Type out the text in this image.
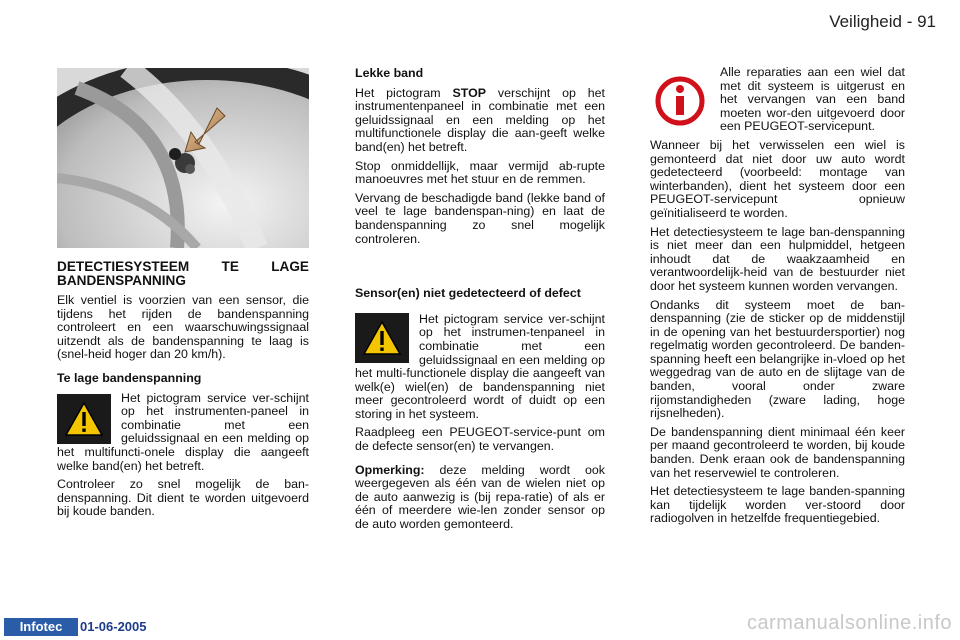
Veiligheid - 91
DETECTIESYSTEEM TE LAGE BANDENSPANNING

Elk ventiel is voorzien van een sensor, die tijdens het rijden de bandenspanning controleert en een waarschuwingssignaal uitzendt als de bandenspanning te laag is (snel-heid hoger dan 20 km/h).

Te lage bandenspanning

Het pictogram service ver-schijnt op het instrumenten-paneel in combinatie met een geluidssignaal en een melding op het multifuncti-onele display die aangeeft welke band(en) het betreft.

Controleer zo snel mogelijk de ban-denspanning. Dit dient te worden uitgevoerd bij koude banden.

Lekke band

Het pictogram STOP verschijnt op het instrumentenpaneel in combinatie met een geluidssignaal en een melding op het multifunctionele display die aan-geeft welke band(en) het betreft.

Stop onmiddellijk, maar vermijd ab-rupte manoeuvres met het stuur en de remmen.

Vervang de beschadigde band (lekke band of veel te lage bandenspan-ning) en laat de bandenspanning zo snel mogelijk controleren.

Sensor(en) niet gedetecteerd of defect

Het pictogram service ver-schijnt op het instrumen-tenpaneel in combinatie met een geluidssignaal en een melding op het multi-functionele display die aangeeft van welk(e) wiel(en) de bandenspanning niet meer gecontroleerd wordt of duidt op een storing in het systeem.

Raadpleeg een PEUGEOT-service-punt om de defecte sensor(en) te vervangen.

Opmerking: deze melding wordt ook weergegeven als één van de wielen niet op de auto aanwezig is (bij repa-ratie) of als er één of meerdere wie-len zonder sensor op de auto worden gemonteerd.

Alle reparaties aan een wiel dat met dit systeem is uitgerust en het vervangen van een band moeten wor-den uitgevoerd door een PEUGEOT-servicepunt.

Wanneer bij het verwisselen een wiel is gemonteerd dat niet door uw auto wordt gedetecteerd (voorbeeld: montage van winterbanden), dient het systeem door een PEUGEOT-servicepunt opnieuw geïnitialiseerd te worden.

Het detectiesysteem te lage ban-denspanning is niet meer dan een hulpmiddel, hetgeen inhoudt dat de waakzaamheid en verantwoordelijk-heid van de bestuurder niet door het systeem kunnen worden vervangen.

Ondanks dit systeem moet de ban-denspanning (zie de sticker op de middenstijl in de opening van het bestuurdersportier) nog regelmatig worden gecontroleerd. De banden-spanning heeft een belangrijke in-vloed op het weggedrag van de auto en de slijtage van de banden, vooral onder zware rijomstandigheden (zware lading, hoge rijsnelheden).

De bandenspanning dient minimaal één keer per maand gecontroleerd te worden, bij koude banden. Denk eraan ook de bandenspanning van het reservewiel te controleren.

Het detectiesysteem te lage banden-spanning kan tijdelijk worden ver-stoord door radiogolven in hetzelfde frequentiegebied.

Infotec	01-06-2005	carmanualsonline.info
